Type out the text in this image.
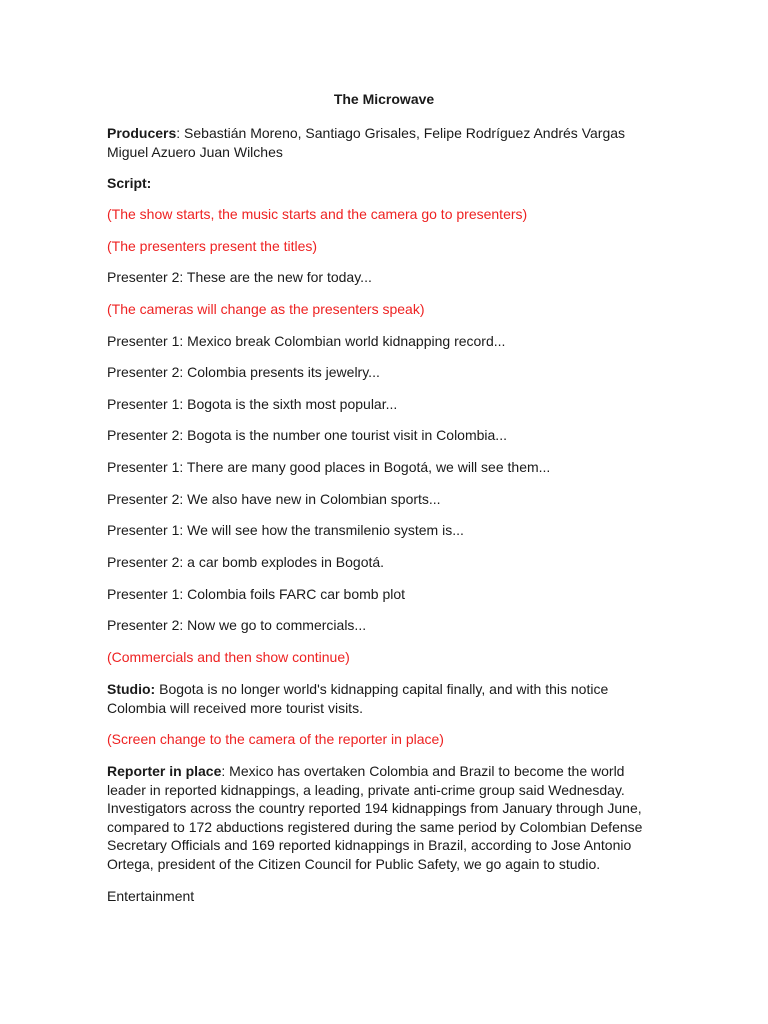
The Microwave
Producers: Sebastián Moreno, Santiago Grisales, Felipe Rodríguez Andrés Vargas Miguel Azuero Juan Wilches
Script:
(The show starts, the music starts and the camera go to presenters)
(The presenters present the titles)
Presenter 2: These are the new for today...
(The cameras will change as the presenters speak)
Presenter 1: Mexico break Colombian world kidnapping record...
Presenter 2: Colombia presents its jewelry...
Presenter 1: Bogota is the sixth most popular...
Presenter 2: Bogota is the number one tourist visit in Colombia...
Presenter 1: There are many good places in Bogotá, we will see them...
Presenter 2: We also have new in Colombian sports...
Presenter 1: We will see how the transmilenio system is...
Presenter 2: a car bomb explodes in Bogotá.
Presenter 1: Colombia foils FARC car bomb plot
Presenter 2: Now we go to commercials...
(Commercials and then show continue)
Studio: Bogota is no longer world's kidnapping capital finally, and with this notice Colombia will received more tourist visits.
(Screen change to the camera of the reporter in place)
Reporter in place: Mexico has overtaken Colombia and Brazil to become the world leader in reported kidnappings, a leading, private anti-crime group said Wednesday. Investigators across the country reported 194 kidnappings from January through June, compared to 172 abductions registered during the same period by Colombian Defense Secretary Officials and 169 reported kidnappings in Brazil, according to Jose Antonio Ortega, president of the Citizen Council for Public Safety, we go again to studio.
Entertainment
